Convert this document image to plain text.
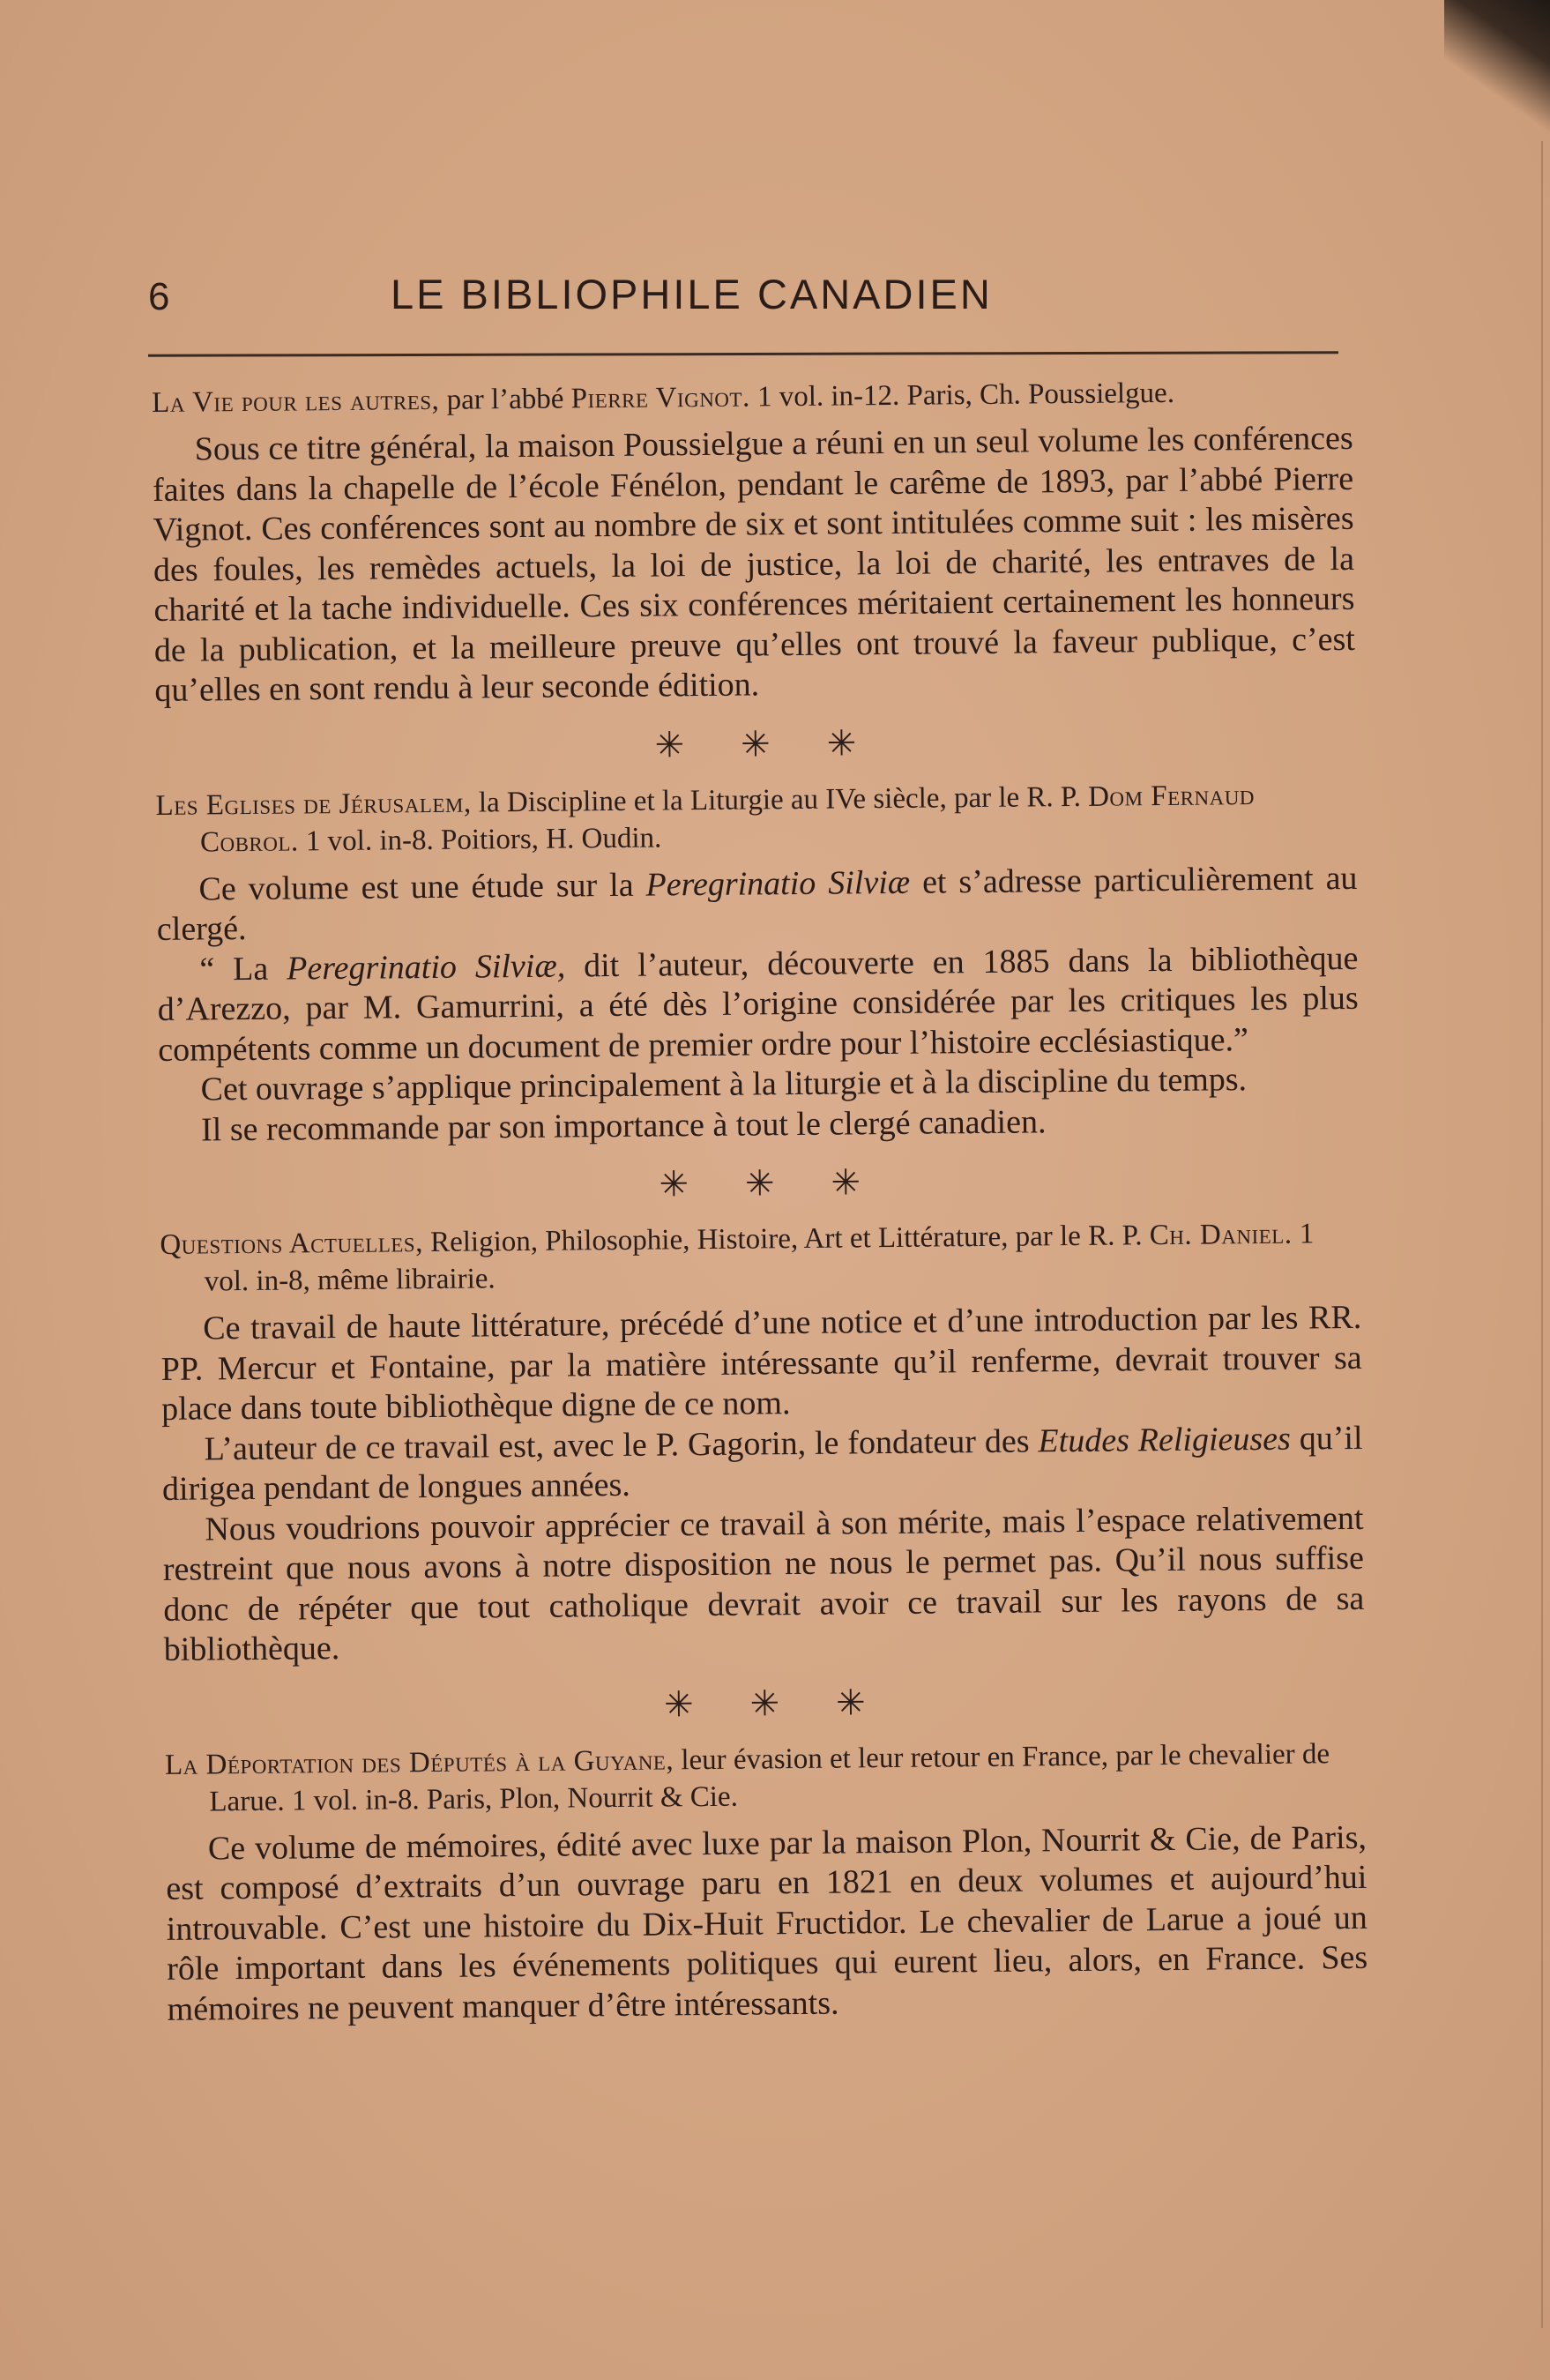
6	LE BIBLIOPHILE CANADIEN

La Vie pour les autres, par l’abbé Pierre Vignot. 1 vol. in-12. Paris, Ch. Poussielgue.

Sous ce titre général, la maison Poussielgue a réuni en un seul volume les conférences faites dans la chapelle de l’école Fénélon, pendant le carême de 1893, par l’abbé Pierre Vignot. Ces conférences sont au nombre de six et sont intitulées comme suit : les misères des foules, les remèdes actuels, la loi de justice, la loi de charité, les entraves de la charité et la tache individuelle. Ces six conférences méritaient certainement les honneurs de la publication, et la meilleure preuve qu’elles ont trouvé la faveur publique, c’est qu’elles en sont rendu à leur seconde édition.

✳ ✳ ✳

Les Eglises de Jérusalem, la Discipline et la Liturgie au IVe siècle, par le R. P. Dom Fernaud Cobrol. 1 vol. in-8. Poitiors, H. Oudin.

Ce volume est une étude sur la Peregrinatio Silviæ et s’adresse particulièrement au clergé.

“ La Peregrinatio Silviæ, dit l’auteur, découverte en 1885 dans la bibliothèque d’Arezzo, par M. Gamurrini, a été dès l’origine considérée par les critiques les plus compétents comme un document de premier ordre pour l’histoire ecclésiastique.”

Cet ouvrage s’applique principalement à la liturgie et à la discipline du temps.

Il se recommande par son importance à tout le clergé canadien.

✳ ✳ ✳

Questions Actuelles, Religion, Philosophie, Histoire, Art et Littérature, par le R. P. Ch. Daniel. 1 vol. in-8, même librairie.

Ce travail de haute littérature, précédé d’une notice et d’une introduction par les RR. PP. Mercur et Fontaine, par la matière intéressante qu’il renferme, devrait trouver sa place dans toute bibliothèque digne de ce nom.

L’auteur de ce travail est, avec le P. Gagorin, le fondateur des Etudes Religieuses qu’il dirigea pendant de longues années.

Nous voudrions pouvoir apprécier ce travail à son mérite, mais l’espace relativement restreint que nous avons à notre disposition ne nous le permet pas. Qu’il nous suffise donc de répéter que tout catholique devrait avoir ce travail sur les rayons de sa bibliothèque.

✳ ✳ ✳

La Déportation des Députés à la Guyane, leur évasion et leur retour en France, par le chevalier de Larue. 1 vol. in-8. Paris, Plon, Nourrit & Cie.

Ce volume de mémoires, édité avec luxe par la maison Plon, Nourrit & Cie, de Paris, est composé d’extraits d’un ouvrage paru en 1821 en deux volumes et aujourd’hui introuvable. C’est une histoire du Dix-Huit Fructidor. Le chevalier de Larue a joué un rôle important dans les événements politiques qui eurent lieu, alors, en France. Ses mémoires ne peuvent manquer d’être intéressants.
